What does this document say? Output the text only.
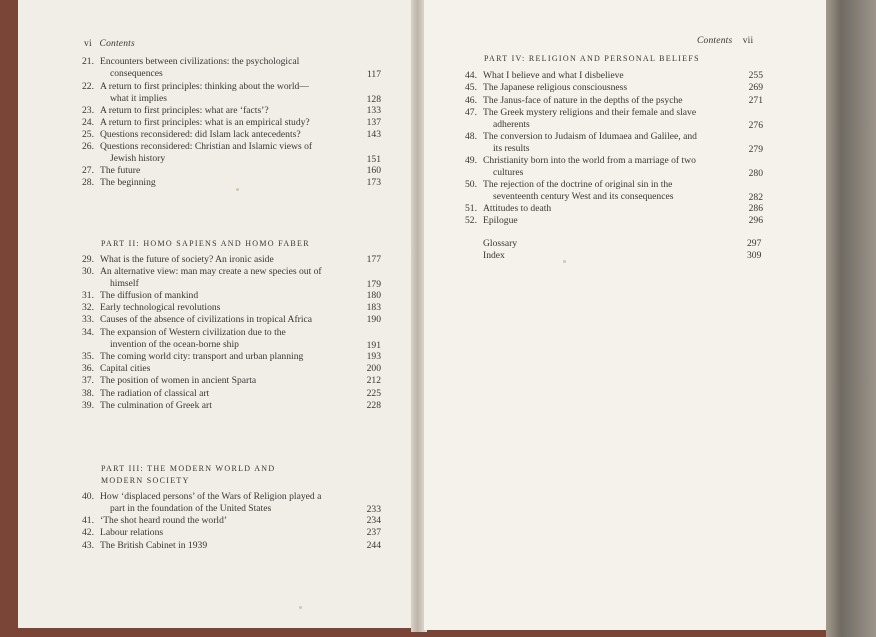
vi Contents
PART II: HOMO SAPIENS AND HOMO FABER
PART III: THE MODERN WORLD AND
MODERN SOCIETY
21. Encounters between civilizations: the psychological
consequences	117
22. A return to first principles: thinking about the world—
what it implies	128
23. A return to first principles: what are ‘facts’?	133
24. A return to first principles: what is an empirical study?	137
25. Questions reconsidered: did Islam lack antecedents?	143
26. Questions reconsidered: Christian and Islamic views of
Jewish history	151
27. The future	160
28. The beginning	173
29. What is the future of society? An ironic aside	177
30. An alternative view: man may create a new species out of
himself	179
31. The diffusion of mankind	180
32. Early technological revolutions	183
33. Causes of the absence of civilizations in tropical Africa	190
34. The expansion of Western civilization due to the
invention of the ocean-borne ship	191
35. The coming world city: transport and urban planning	193
36. Capital cities	200
37. The position of women in ancient Sparta	212
38. The radiation of classical art	225
39. The culmination of Greek art	228
40. How ‘displaced persons’ of the Wars of Religion played a
part in the foundation of the United States	233
41. ‘The shot heard round the world’	234
42. Labour relations	237
43. The British Cabinet in 1939	244
Contents vii
PART IV: RELIGION AND PERSONAL BELIEFS
44. What I believe and what I disbelieve	255
45. The Japanese religious consciousness	269
46. The Janus-face of nature in the depths of the psyche	271
47. The Greek mystery religions and their female and slave
adherents	276
48. The conversion to Judaism of Idumaea and Galilee, and
its results	279
49. Christianity born into the world from a marriage of two
cultures	280
50. The rejection of the doctrine of original sin in the
seventeenth century West and its consequences	282
51. Attitudes to death	286
52. Epilogue	296
Glossary	297
Index	309
